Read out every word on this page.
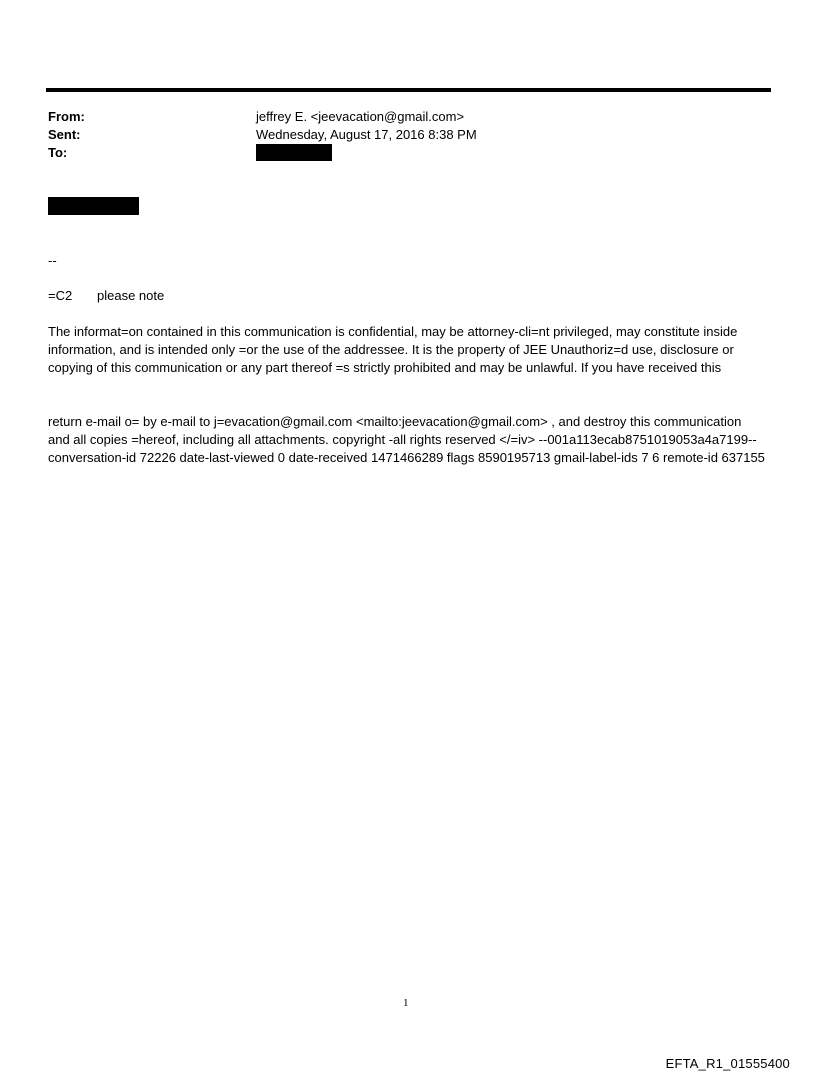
From:	jeffrey E. <jeevacation@gmail.com>
Sent:	Wednesday, August 17, 2016 8:38 PM
To:
--
=C2 please note

The informat=on contained in this communication is confidential, may be attorney-cli=nt privileged, may constitute inside information, and is intended only =or the use of the addressee. It is the property of JEE Unauthoriz=d use, disclosure or copying of this communication or any part thereof =s strictly prohibited and may be unlawful. If you have received this

return e-mail o= by e-mail to j=evacation@gmail.com <mailto:jeevacation@gmail.com> , and destroy this communication and all copies =hereof, including all attachments. copyright -all rights reserved </=iv> --001a113ecab8751019053a4a7199-- conversation-id 72226 date-last-viewed 0 date-received 1471466289 flags 8590195713 gmail-label-ids 7 6 remote-id 637155

1
EFTA_R1_01555400
